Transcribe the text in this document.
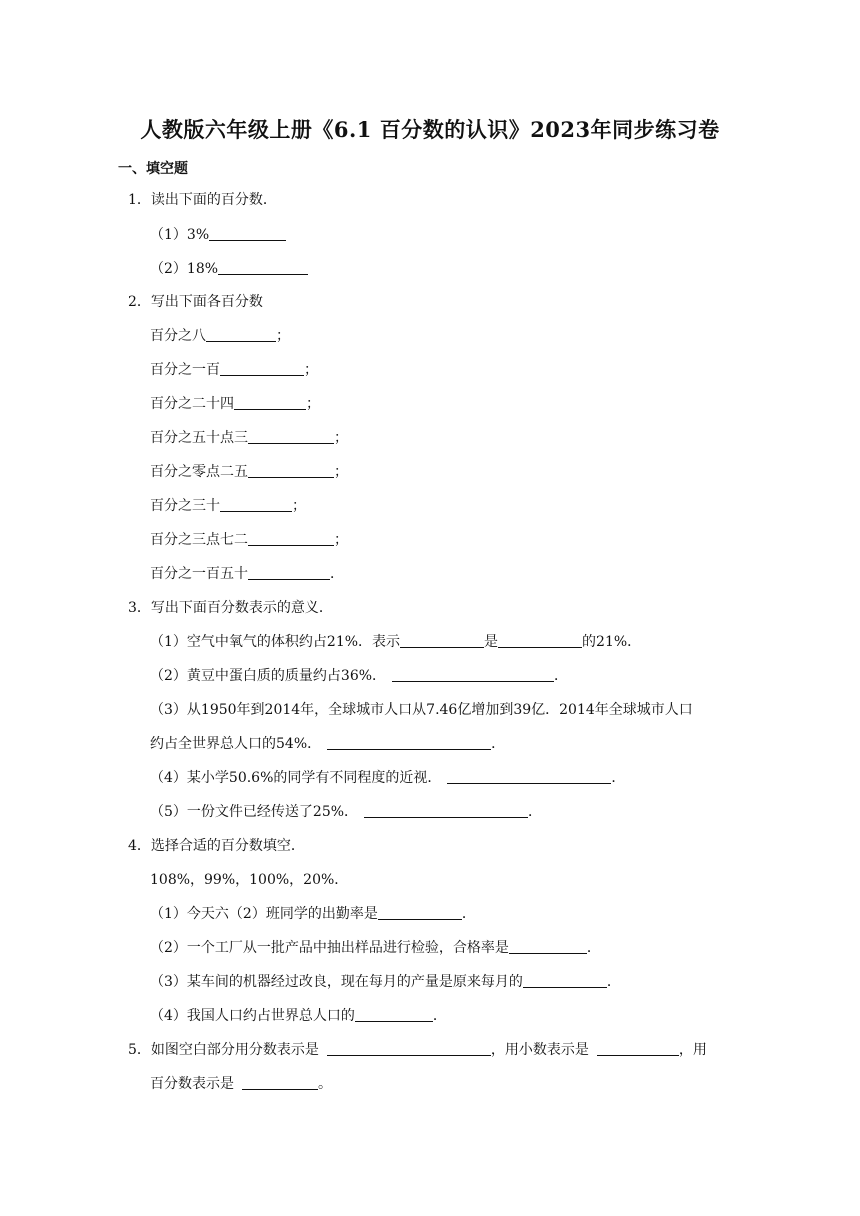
人教版六年级上册《6.1 百分数的认识》2023年同步练习卷
一、填空题
1．读出下面的百分数．
（1）3%
（2）18%
2．写出下面各百分数
百分之八	；
百分之一百	；
百分之二十四	；
百分之五十点三	；
百分之零点二五	；
百分之三十	；
百分之三点七二	；
百分之一百五十	．
3．写出下面百分数表示的意义．
（1）空气中氧气的体积约占21%．表示	是	的21%．
（2）黄豆中蛋白质的质量约占36%．	．
（3）从1950年到2014年，全球城市人口从7.46亿增加到39亿．2014年全球城市人口
约占全世界总人口的54%．	．
（4）某小学50.6%的同学有不同程度的近视．	．
（5）一份文件已经传送了25%．	．
4．选择合适的百分数填空．
108%，99%，100%，20%．
（1）今天六（2）班同学的出勤率是	．
（2）一个工厂从一批产品中抽出样品进行检验，合格率是	．
（3）某车间的机器经过改良，现在每月的产量是原来每月的	．
（4）我国人口约占世界总人口的	．
5．如图空白部分用分数表示是	，用小数表示是	，用
百分数表示是	。
